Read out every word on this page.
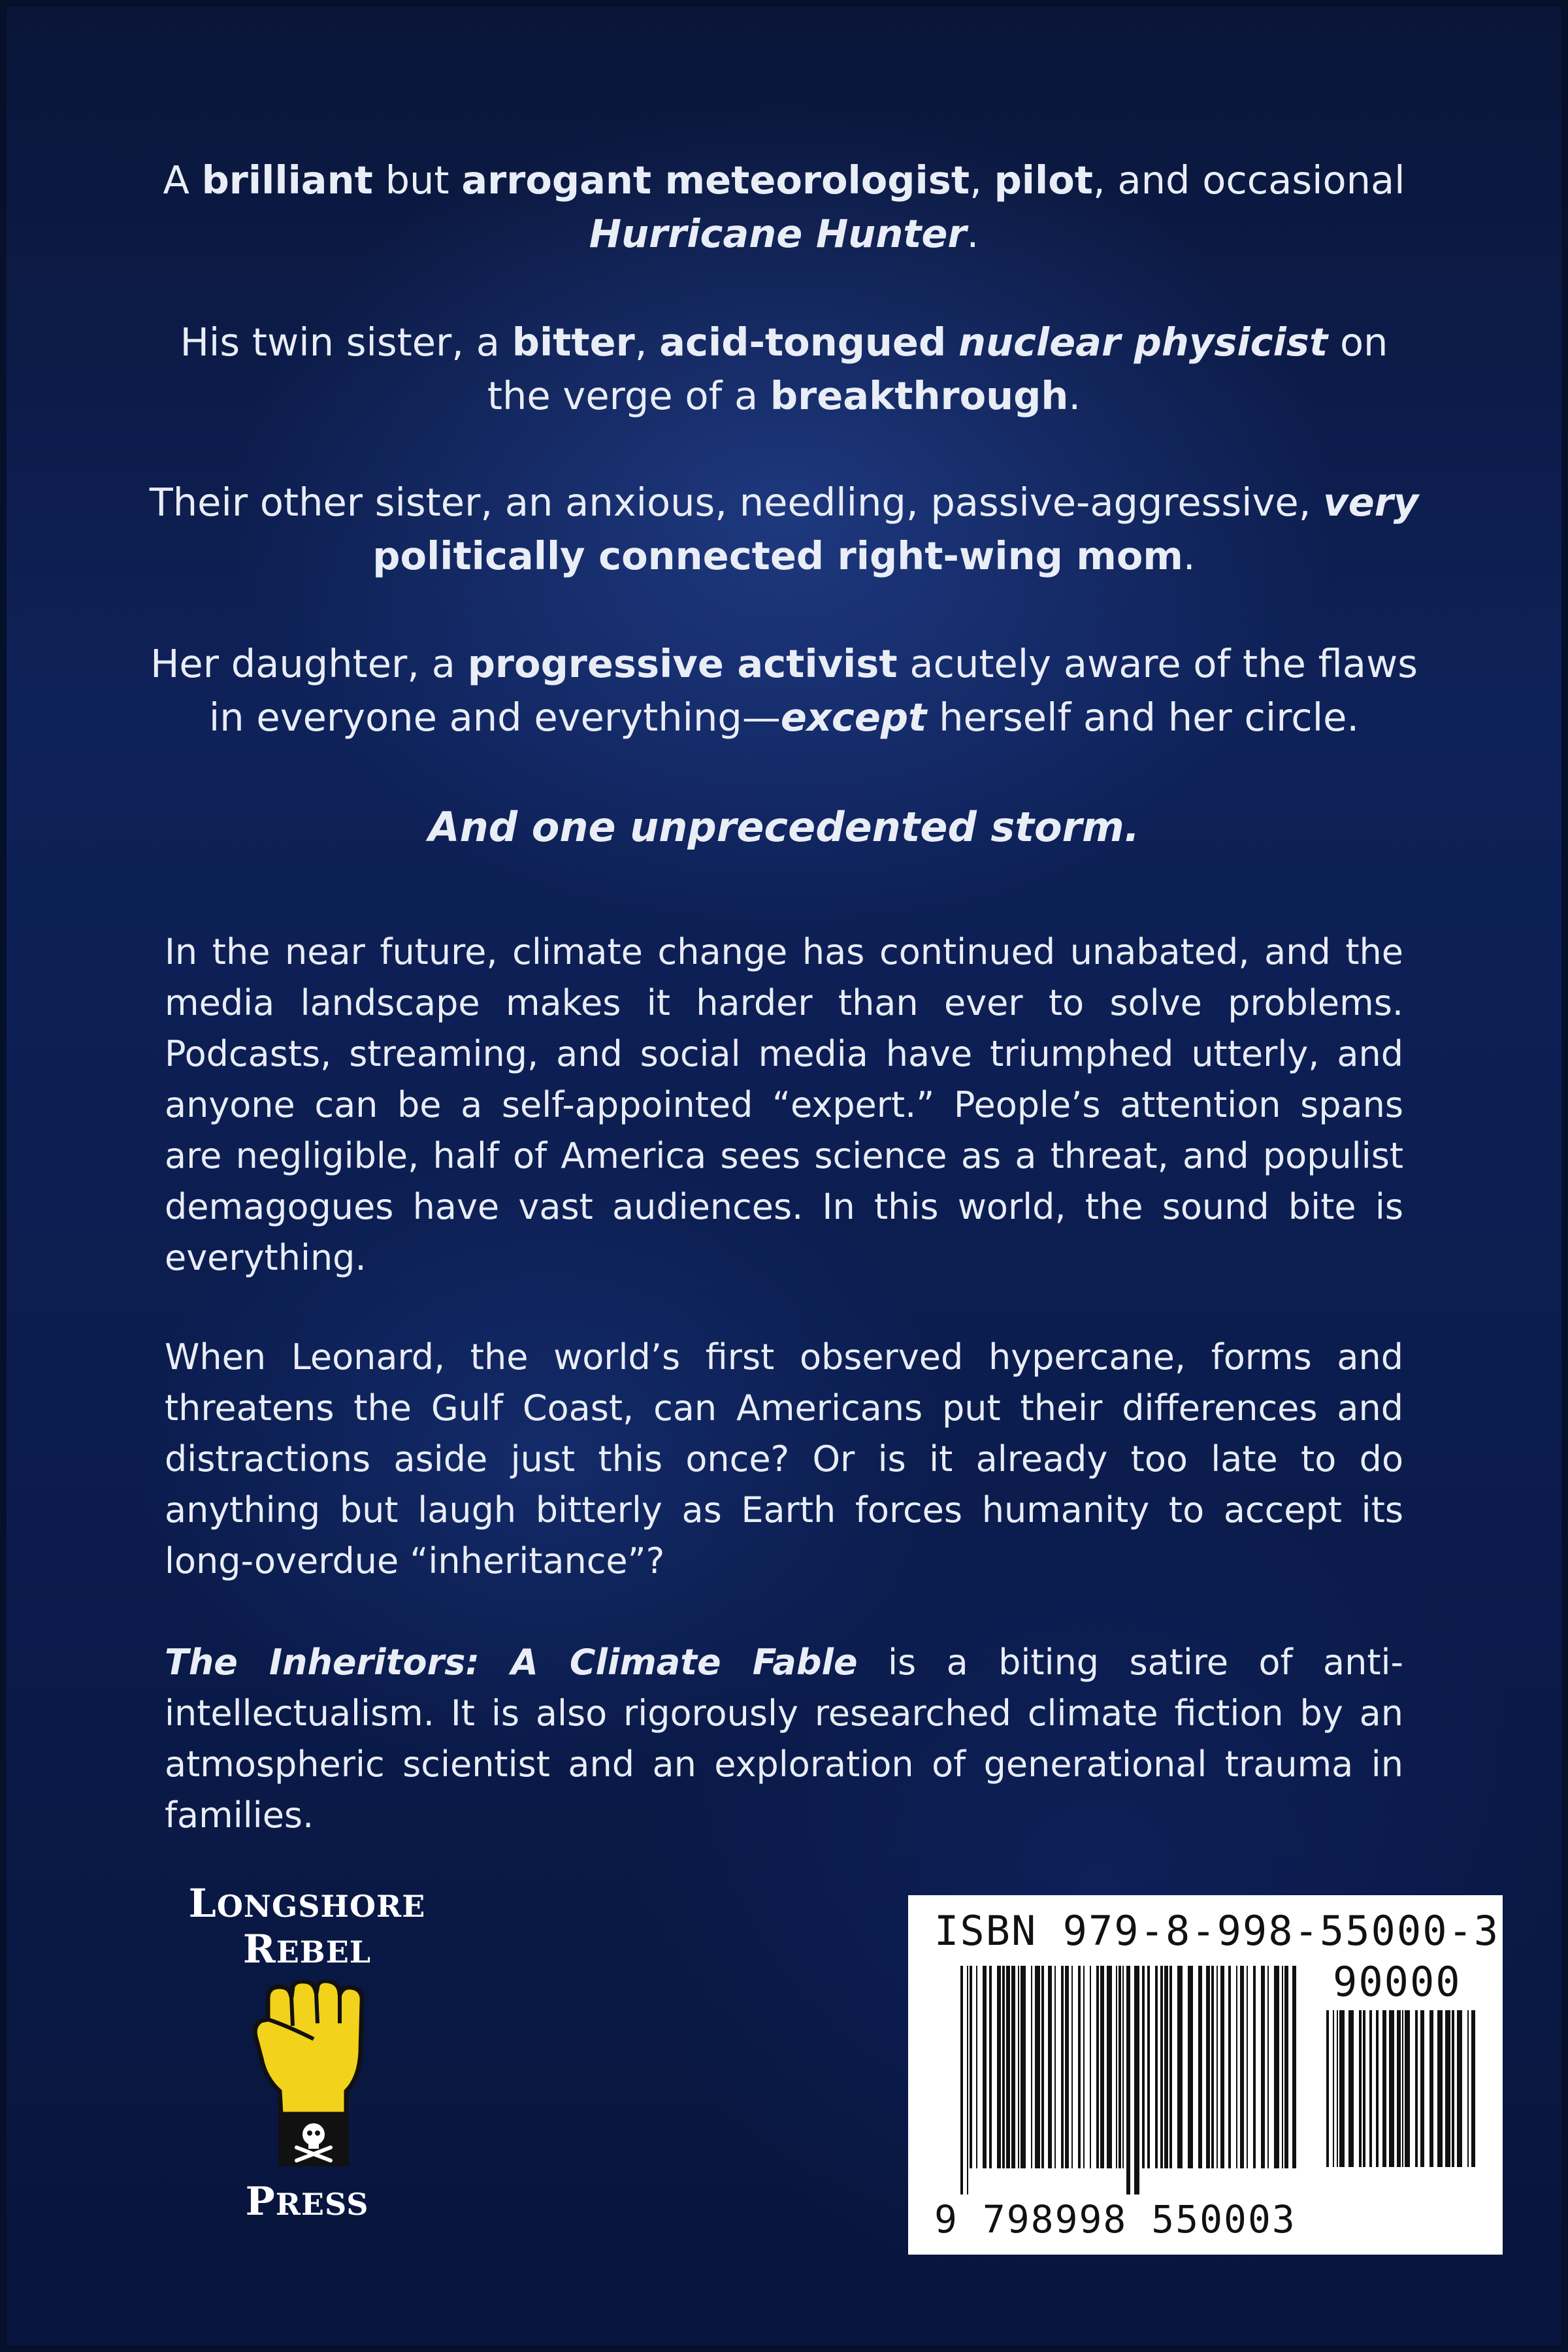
A brilliant but arrogant meteorologist, pilot, and occasional
Hurricane Hunter.

His twin sister, a bitter, acid-tongued nuclear physicist on the verge of a breakthrough.

Their other sister, an anxious, needling, passive-aggressive, very politically connected right-wing mom.

Her daughter, a progressive activist acutely aware of the flaws in everyone and everything—except herself and her circle.

And one unprecedented storm.

In the near future, climate change has continued unabated, and the media landscape makes it harder than ever to solve problems. Podcasts, streaming, and social media have triumphed utterly, and anyone can be a self-appointed “expert.” People’s attention spans are negligible, half of America sees science as a threat, and populist demagogues have vast audiences. In this world, the sound bite is everything.

When Leonard, the world’s first observed hypercane, forms and threatens the Gulf Coast, can Americans put their differences and distractions aside just this once? Or is it already too late to do anything but laugh bitterly as Earth forces humanity to accept its long-overdue “inheritance”?

The Inheritors: A Climate Fable is a biting satire of anti-intellectualism. It is also rigorously researched climate fiction by an atmospheric scientist and an exploration of generational trauma in families.

LONGSHORE
REBEL
PRESS
ISBN 979-8-998-55000-3
90000
9 798998 550003
